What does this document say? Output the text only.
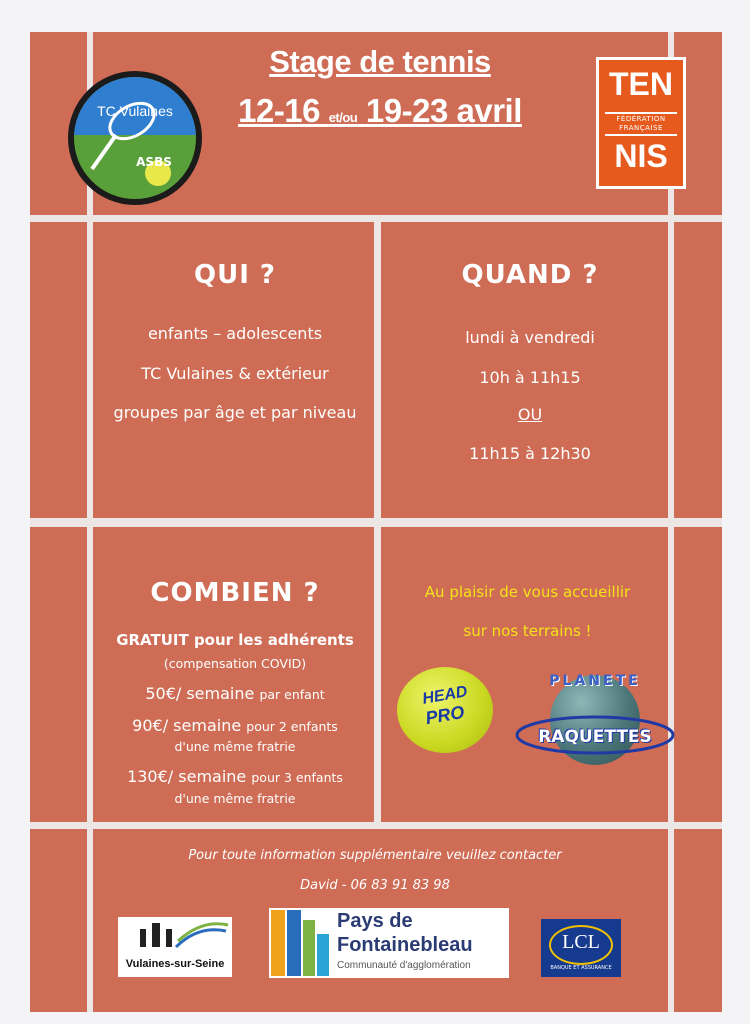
TC Vulaines
ASBS
Stage de tennis
12-16 et/ou 19-23 avril
TEN
FÉDÉRATION
FRANÇAISE
NIS
QUI ?
enfants – adolescents
TC Vulaines & extérieur
groupes par âge et par niveau
QUAND ?
lundi à vendredi
10h à 11h15
OU
11h15 à 12h30
COMBIEN ?
GRATUIT pour les adhérents
(compensation COVID)
50€/ semaine par enfant
90€/ semaine pour 2 enfants
d'une même fratrie
130€/ semaine pour 3 enfants
d'une même fratrie
Au plaisir de vous accueillir
sur nos terrains !
HEAD
PRO
PLANETE
RAQUETTES
Pour toute information supplémentaire veuillez contacter
David - 06 83 91 83 98
Vulaines-sur-Seine
Pays de
Fontainebleau
Communauté d'agglomération
LCL
BANQUE ET ASSURANCE
